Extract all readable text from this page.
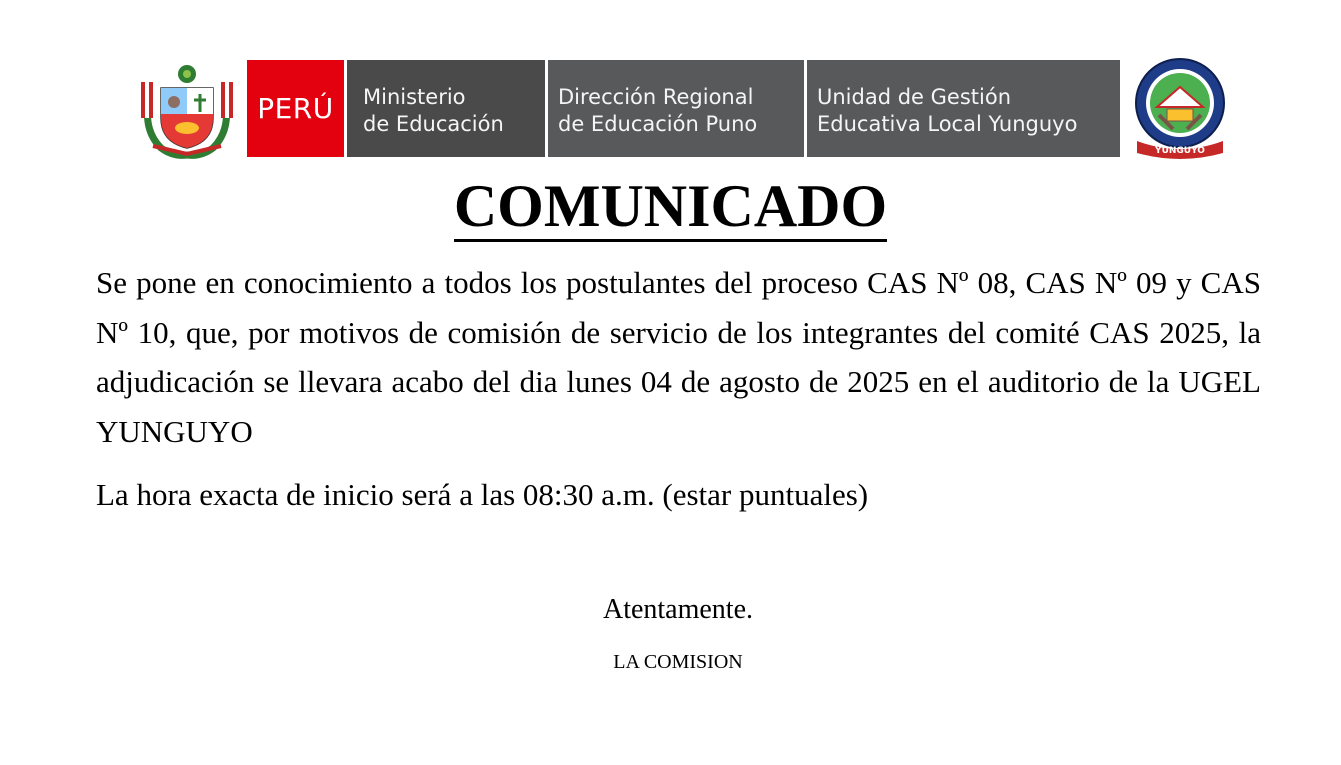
PERÚ	Ministerio
de Educación
Dirección Regional
de Educación Puno
Unidad de Gestión
Educativa Local Yunguyo
YUNGUYO
COMUNICADO
Se pone en conocimiento a todos los postulantes del proceso CAS Nº 08, CAS Nº 09 y CAS Nº 10, que, por motivos de comisión de servicio de los integrantes del comité CAS 2025, la adjudicación se llevara acabo del dia lunes 04 de agosto de 2025 en el auditorio de la UGEL YUNGUYO
La hora exacta de inicio será a las 08:30 a.m. (estar puntuales)
Atentamente.
LA COMISION
